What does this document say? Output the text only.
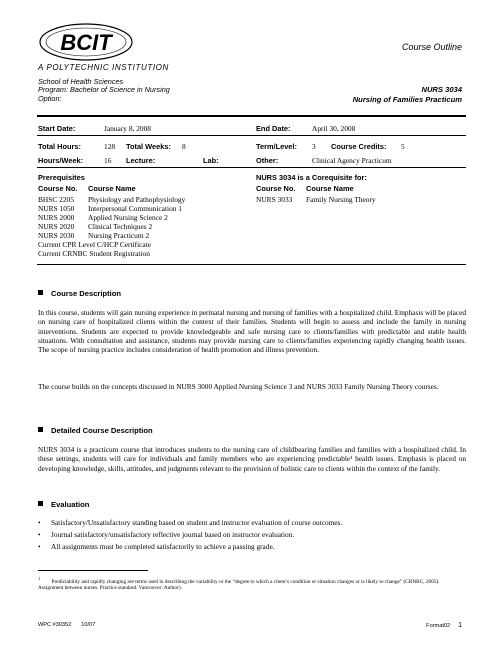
BCIT
A POLYTECHNIC INSTITUTION
Course Outline
School of Health Sciences
Program: Bachelor of Science in Nursing
Option:
NURS 3034
Nursing of Families Practicum
Start Date:	January 8, 2008	End Date:	April 30, 2008
Total Hours:	128 Total Weeks: 8	Term/Level: 3 Course Credits: 5
Hours/Week:	16 Lecture:	Lab:	Other:	Clinical Agency Practicum
Prerequisites
Course No. Course Name
BHSC 2205 Physiology and Pathophysiology
NURS 1050 Interpersonal Communication 1
NURS 2000 Applied Nursing Science 2
NURS 2020 Clinical Techniques 2
NURS 2030 Nursing Practicum 2
Current CPR Level C/HCP Certificate
Current CRNBC Student Registration
NURS 3034 is a Corequisite for:
Course No. Course Name
NURS 3033 Family Nursing Theory
Course Description
In this course, students will gain nursing experience in perinatal nursing and nursing of families with a hospitalized child. Emphasis will be placed on nursing care of hospitalized clients within the context of their families. Students will begin to assess and include the family in nursing interventions. Students are expected to provide knowledgeable and safe nursing care to clients/families with predictable and stable health situations. With consultation and assistance, students may provide nursing care to clients/families experiencing rapidly changing health issues. The scope of nursing practice includes consideration of health promotion and illness prevention.
The course builds on the concepts discussed in NURS 3000 Applied Nursing Science 3 and NURS 3033 Family Nursing Theory courses.
Detailed Course Description
NURS 3034 is a practicum course that introduces students to the nursing care of childbearing families and families with a hospitalized child. In these settings, students will care for individuals and family members who are experiencing predictable¹ health issues. Emphasis is placed on developing knowledge, skills, attitudes, and judgments relevant to the provision of holistic care to clients within the context of the family.
Evaluation
• Satisfactory/Unsatisfactory standing based on student and instructor evaluation of course outcomes.
• Journal satisfactory/unsatisfactory reflective journal based on instructor evaluation.
• All assignments must be completed satisfactorily to achieve a passing grade.
$^1$ Predictability and rapidly changing are terms used in describing the variability or the “degree to which a client’s condition or situation changes or is likely to change” (CRNBC, 2005). Assignment between nurses. Practice standard. Vancouver: Author).
WPC #30352 10/07	Format02 1
